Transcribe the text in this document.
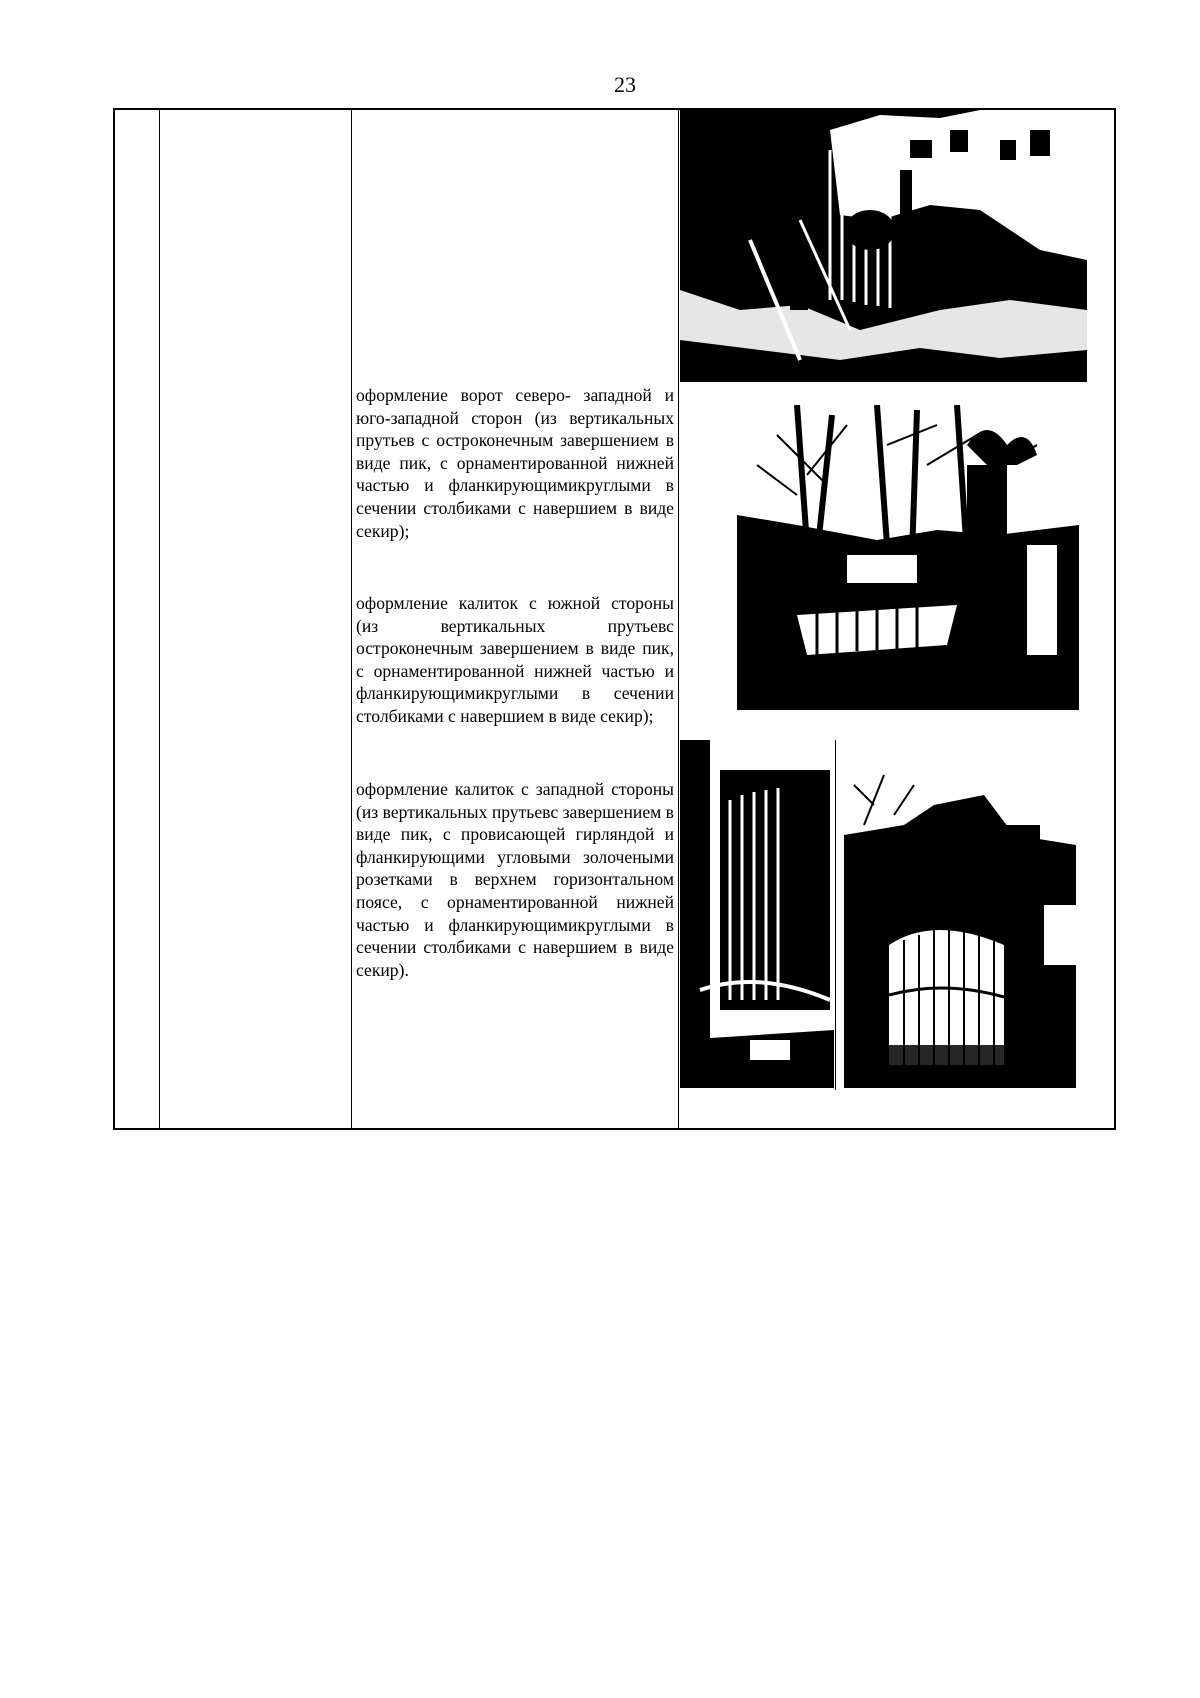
23

оформление ворот северо- западной и юго-западной сторон (из вертикальных прутьев с остроконечным завершением в виде пик, с орнаментированной нижней частью и фланкирующимикруглыми в сечении столбиками с навершием в виде секир);

оформление калиток с южной стороны (из вертикальных прутьевс остроконечным завершением в виде пик, с орнаментированной нижней частью и фланкирующимикруглыми в сечении столбиками с навершием в виде секир);

оформление калиток с западной стороны (из вертикальных прутьевс завершением в виде пик, с провисающей гирляндой и фланкирующими угловыми золочеными розетками в верхнем горизонтальном поясе, с орнаментированной нижней частью и фланкирующимикруглыми в сечении столбиками с навершием в виде секир).
